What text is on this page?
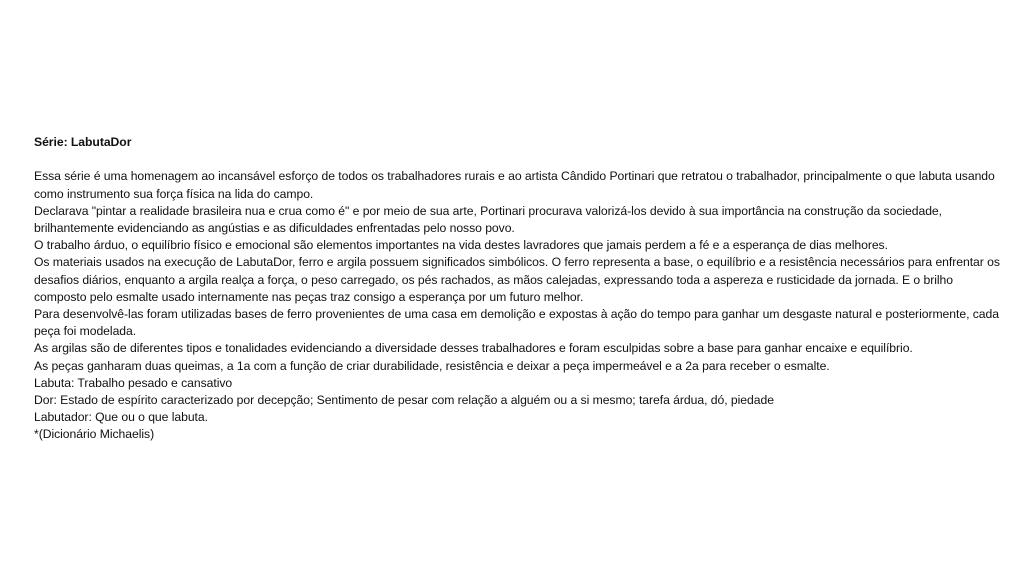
Série: LabutaDor

Essa série é uma homenagem ao incansável esforço de todos os trabalhadores rurais e ao artista Cândido Portinari que retratou o trabalhador, principalmente o que labuta usando como instrumento sua força física na lida do campo.

Declarava "pintar a realidade brasileira nua e crua como é" e por meio de sua arte, Portinari procurava valorizá-los devido à sua importância na construção da sociedade, brilhantemente evidenciando as angústias e as dificuldades enfrentadas pelo nosso povo.

O trabalho árduo, o equilíbrio físico e emocional são elementos importantes na vida destes lavradores que jamais perdem a fé e a esperança de dias melhores.

Os materiais usados na execução de LabutaDor, ferro e argila possuem significados simbólicos. O ferro representa a base, o equilíbrio e a resistência necessários para enfrentar os desafios diários, enquanto a argila realça a força, o peso carregado, os pés rachados, as mãos calejadas, expressando toda a aspereza e rusticidade da jornada. E o brilho composto pelo esmalte usado internamente nas peças traz consigo a esperança por um futuro melhor.

Para desenvolvê-las foram utilizadas bases de ferro provenientes de uma casa em demolição e expostas à ação do tempo para ganhar um desgaste natural e posteriormente, cada peça foi modelada.

As argilas são de diferentes tipos e tonalidades evidenciando a diversidade desses trabalhadores e foram esculpidas sobre a base para ganhar encaixe e equilíbrio.

As peças ganharam duas queimas, a 1a com a função de criar durabilidade, resistência e deixar a peça impermeável e a 2a para receber o esmalte.

Labuta: Trabalho pesado e cansativo

Dor: Estado de espírito caracterizado por decepção; Sentimento de pesar com relação a alguém ou a si mesmo; tarefa árdua, dó, piedade

Labutador: Que ou o que labuta.

*(Dicionário Michaelis)
